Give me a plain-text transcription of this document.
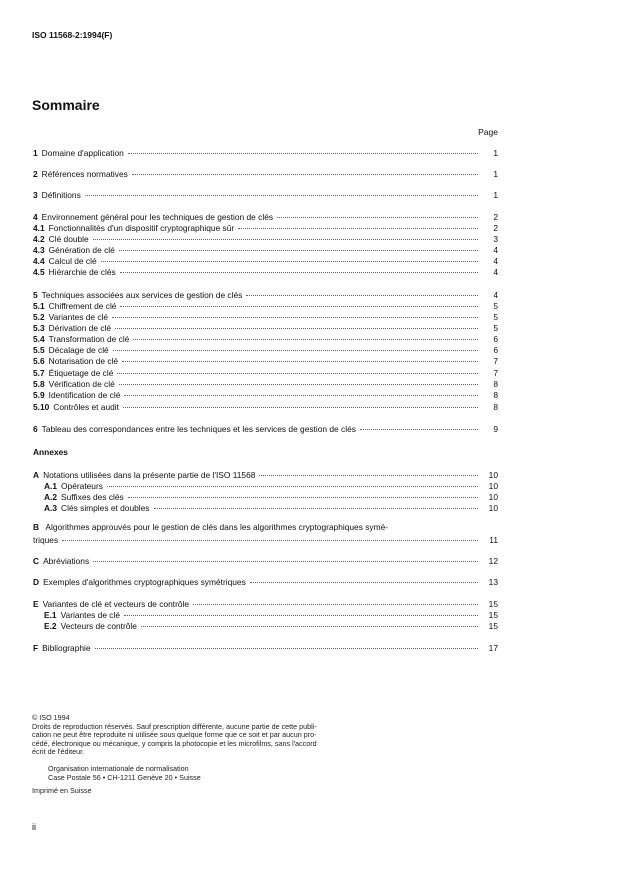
ISO 11568-2:1994(F)
Sommaire
Page
1 Domaine d'application	1
2 Références normatives	1
3 Définitions	1
4 Environnement général pour les techniques de gestion de clés	2
4.1 Fonctionnalités d'un dispositif cryptographique sûr	2
4.2 Clé double	3
4.3 Génération de clé	4
4.4 Calcul de clé	4
4.5 Hiérarchie de clés	4
5 Techniques associées aux services de gestion de clés	4
5.1 Chiffrement de clé	5
5.2 Variantes de clé	5
5.3 Dérivation de clé	5
5.4 Transformation de clé	6
5.5 Décalage de clé	6
5.6 Notarisation de clé	7
5.7 Étiquetage de clé	7
5.8 Vérification de clé	8
5.9 Identification de clé	8
5.10 Contrôles et audit	8
6 Tableau des correspondances entre les techniques et les services de gestion de clés	9
Annexes
A Notations utilisées dans la présente partie de l'ISO 11568	10
A.1 Opérateurs	10
A.2 Suffixes des clés	10
A.3 Clés simples et doubles	10
B Algorithmes approuvés pour le gestion de clés dans les algorithmes cryptographiques symé-
triques	11
C Abréviations	12
D Exemples d'algorithmes cryptographiques symétriques	13
E Variantes de clé et vecteurs de contrôle	15
E.1 Variantes de clé	15
E.2 Vecteurs de contrôle	15
F Bibliographie	17
© ISO 1994
Droits de reproduction réservés. Sauf prescription différente, aucune partie de cette publi-
cation ne peut être reproduite ni utilisée sous quelque forme que ce soit et par aucun pro-
cédé, électronique ou mécanique, y compris la photocopie et les microfilms, sans l'accord
écrit de l'éditeur.
Organisation internationale de normalisation
Case Postale 56 • CH-1211 Genève 20 • Suisse
Imprimé en Suisse
ii
